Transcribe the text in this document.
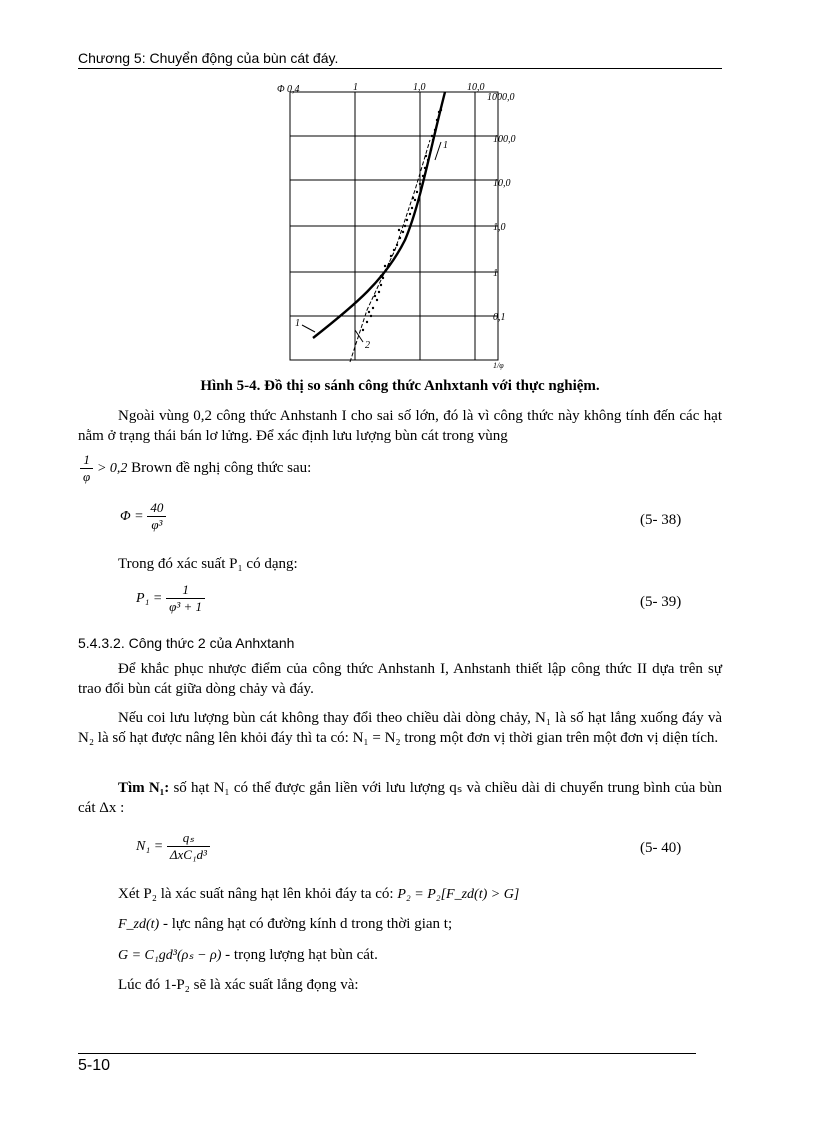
Chương 5: Chuyển động của bùn cát đáy.
1
2
1
Φ
1/φ
0,4	1	1,0	10,0
1000,0
100,0
10,0
1,0
1
0,1
Hình 5-4. Đồ thị so sánh công thức Anhxtanh với thực nghiệm.
Ngoài vùng 0,2 công thức Anhstanh I cho sai số lớn, đó là vì công thức này không tính đến các hạt nằm ở trạng thái bán lơ lửng. Để xác định lưu lượng bùn cát trong vùng
$\frac{1}{\varphi} > 0,2$ Brown đề nghị công thức sau:
$\Phi = \frac{40}{\text{φ³}}$	(5- 38)
Trong đó xác suất P₁ có dạng:
$P_1 = \frac{1}{\text{φ³ + 1}}$	(5- 39)
5.4.3.2. Công thức 2 của Anhxtanh
Để khắc phục nhược điểm của công thức Anhstanh I, Anhstanh thiết lập công thức II dựa trên sự trao đổi bùn cát giữa dòng chảy và đáy.
Nếu coi lưu lượng bùn cát không thay đổi theo chiều dài dòng chảy, N₁ là số hạt lắng xuống đáy và N₂ là số hạt được nâng lên khỏi đáy thì ta có: N₁ = N₂ trong một đơn vị thời gian trên một đơn vị diện tích.
Tìm N₁: số hạt N₁ có thể được gắn liền với lưu lượng qₛ và chiều dài di chuyển trung bình của bùn cát Δx :
$N_1 = \frac{\text{qₛ}}{\text{ΔxC₁d³}}$	(5- 40)
Xét P₂ là xác suất nâng hạt lên khỏi đáy ta có: P₂ = P₂[F_zd(t) > G]
F_zd(t) - lực nâng hạt có đường kính d trong thời gian t;
G = C₁gd³(ρₛ − ρ) - trọng lượng hạt bùn cát.
Lúc đó 1-P₂ sẽ là xác suất lắng đọng và:
5-10
